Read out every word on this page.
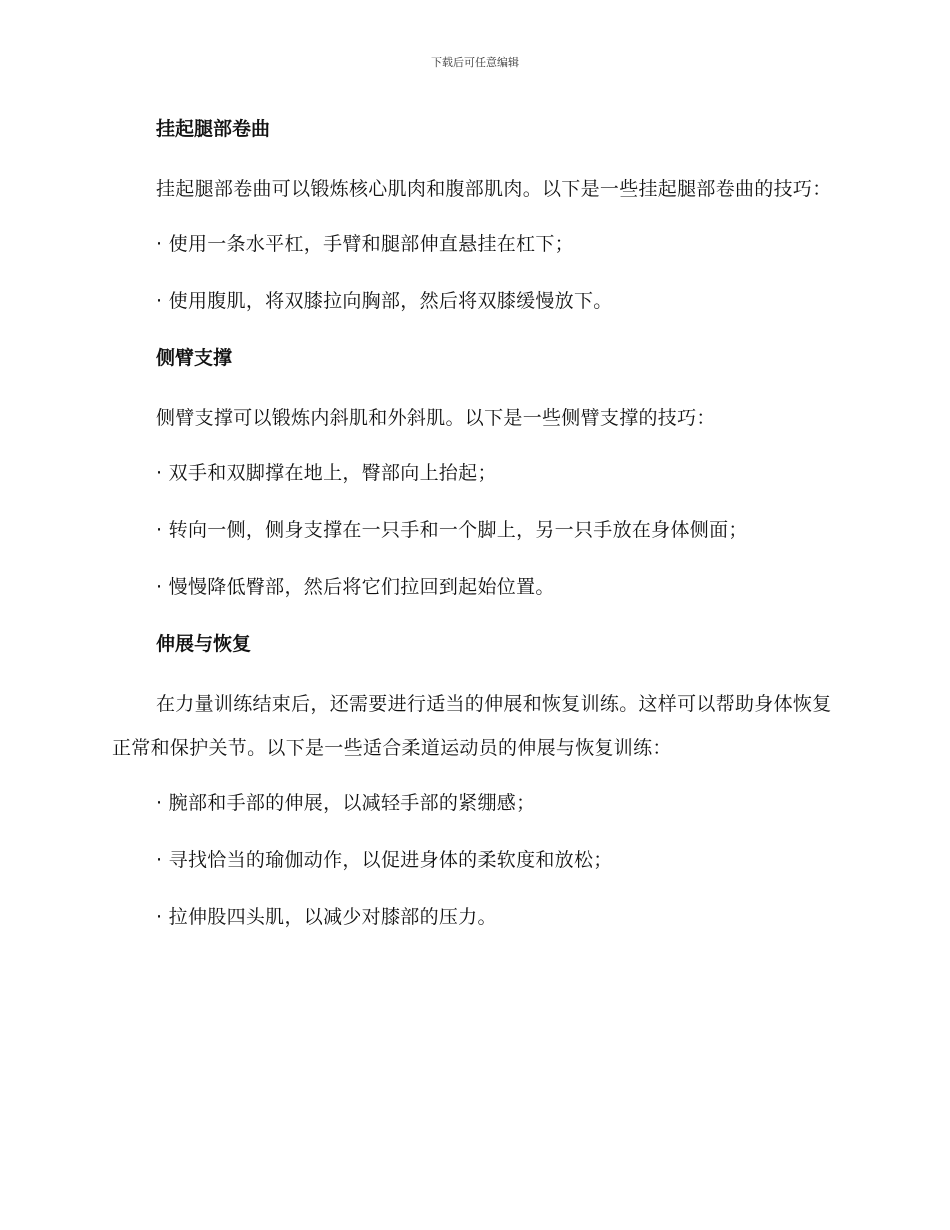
下载后可任意编辑
挂起腿部卷曲
挂起腿部卷曲可以锻炼核心肌肉和腹部肌肉。以下是一些挂起腿部卷曲的技巧：
· 使用一条水平杠，手臂和腿部伸直悬挂在杠下；
· 使用腹肌，将双膝拉向胸部，然后将双膝缓慢放下。
侧臂支撑
侧臂支撑可以锻炼内斜肌和外斜肌。以下是一些侧臂支撑的技巧：
· 双手和双脚撑在地上，臀部向上抬起；
· 转向一侧，侧身支撑在一只手和一个脚上，另一只手放在身体侧面；
· 慢慢降低臀部，然后将它们拉回到起始位置。
伸展与恢复
在力量训练结束后，还需要进行适当的伸展和恢复训练。这样可以帮助身体恢复正常和保护关节。以下是一些适合柔道运动员的伸展与恢复训练：
· 腕部和手部的伸展，以减轻手部的紧绷感；
· 寻找恰当的瑜伽动作，以促进身体的柔软度和放松；
· 拉伸股四头肌，以减少对膝部的压力。
